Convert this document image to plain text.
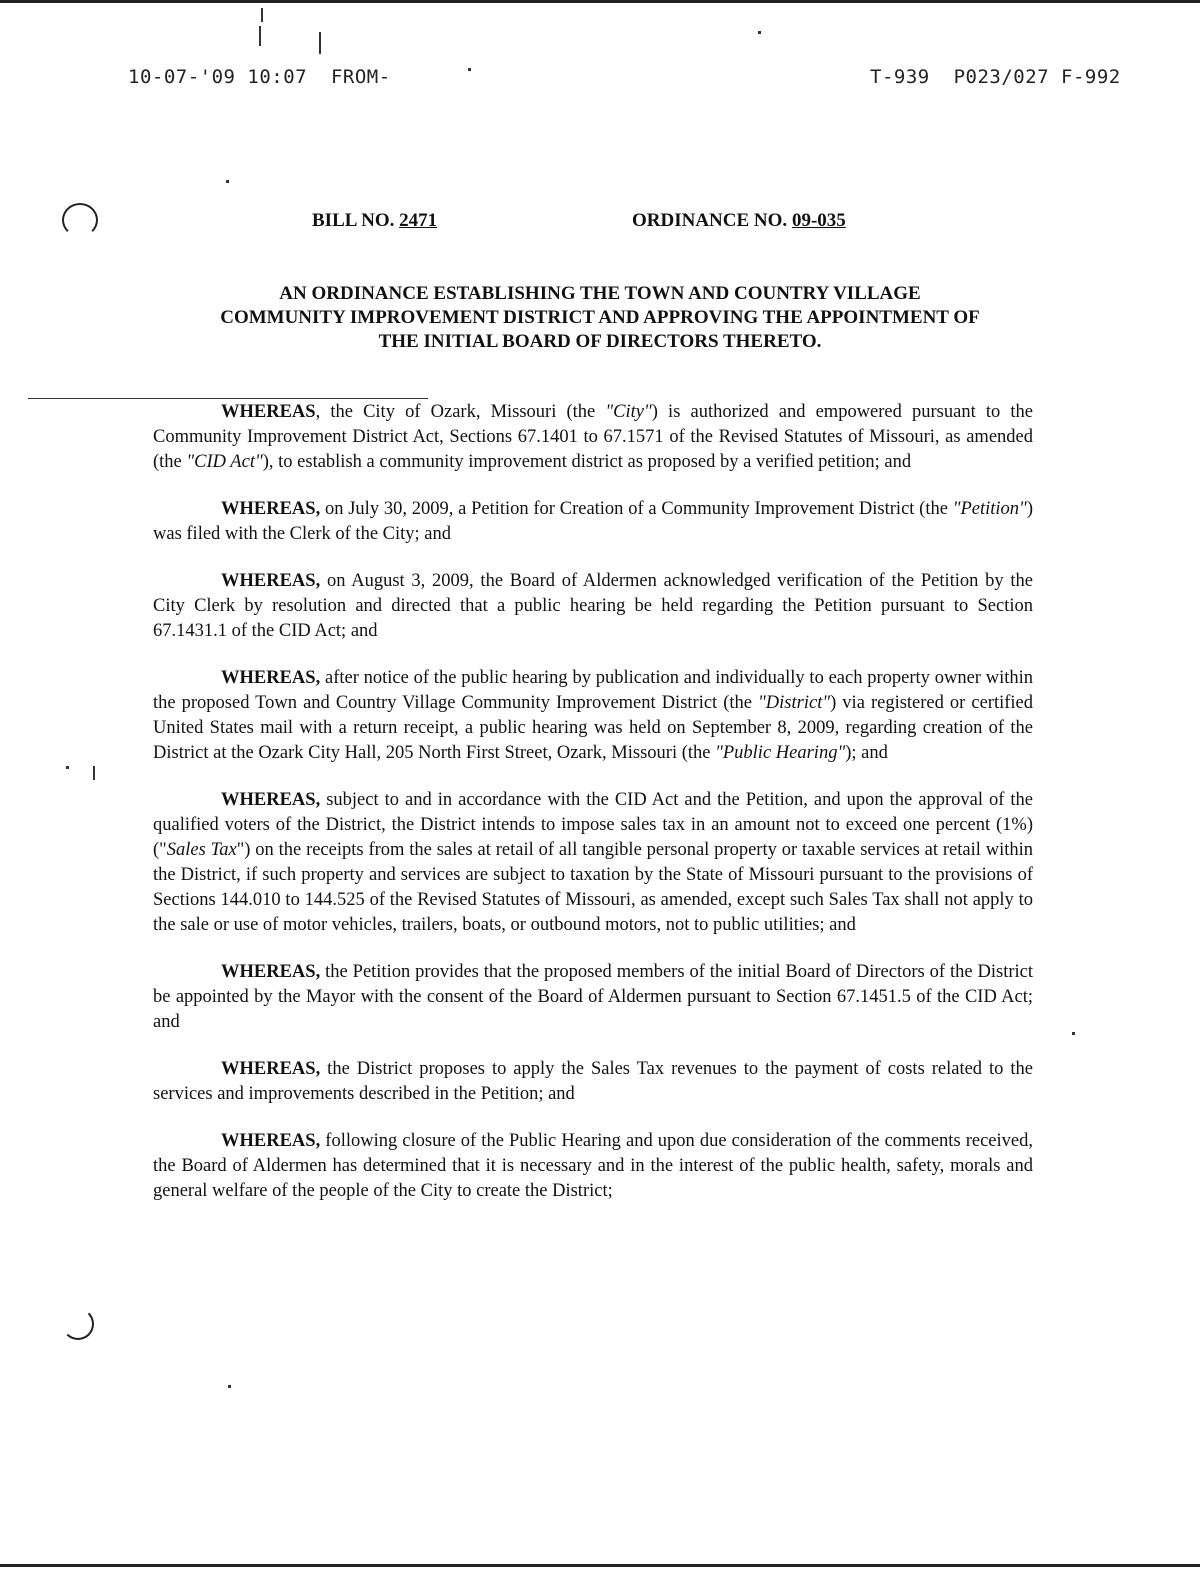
10-07-'09 10:07  FROM-	T-939  P023/027 F-992
BILL NO. 2471	ORDINANCE NO. 09-035
AN ORDINANCE ESTABLISHING THE TOWN AND COUNTRY VILLAGE COMMUNITY IMPROVEMENT DISTRICT AND APPROVING THE APPOINTMENT OF THE INITIAL BOARD OF DIRECTORS THERETO.

WHEREAS, the City of Ozark, Missouri (the "City") is authorized and empowered pursuant to the Community Improvement District Act, Sections 67.1401 to 67.1571 of the Revised Statutes of Missouri, as amended (the "CID Act"), to establish a community improvement district as proposed by a verified petition; and

WHEREAS, on July 30, 2009, a Petition for Creation of a Community Improvement District (the "Petition") was filed with the Clerk of the City; and

WHEREAS, on August 3, 2009, the Board of Aldermen acknowledged verification of the Petition by the City Clerk by resolution and directed that a public hearing be held regarding the Petition pursuant to Section 67.1431.1 of the CID Act; and

WHEREAS, after notice of the public hearing by publication and individually to each property owner within the proposed Town and Country Village Community Improvement District (the "District") via registered or certified United States mail with a return receipt, a public hearing was held on September 8, 2009, regarding creation of the District at the Ozark City Hall, 205 North First Street, Ozark, Missouri (the "Public Hearing"); and

WHEREAS, subject to and in accordance with the CID Act and the Petition, and upon the approval of the qualified voters of the District, the District intends to impose sales tax in an amount not to exceed one percent (1%) ("Sales Tax") on the receipts from the sales at retail of all tangible personal property or taxable services at retail within the District, if such property and services are subject to taxation by the State of Missouri pursuant to the provisions of Sections 144.010 to 144.525 of the Revised Statutes of Missouri, as amended, except such Sales Tax shall not apply to the sale or use of motor vehicles, trailers, boats, or outbound motors, not to public utilities; and

WHEREAS, the Petition provides that the proposed members of the initial Board of Directors of the District be appointed by the Mayor with the consent of the Board of Aldermen pursuant to Section 67.1451.5 of the CID Act; and

WHEREAS, the District proposes to apply the Sales Tax revenues to the payment of costs related to the services and improvements described in the Petition; and

WHEREAS, following closure of the Public Hearing and upon due consideration of the comments received, the Board of Aldermen has determined that it is necessary and in the interest of the public health, safety, morals and general welfare of the people of the City to create the District;
